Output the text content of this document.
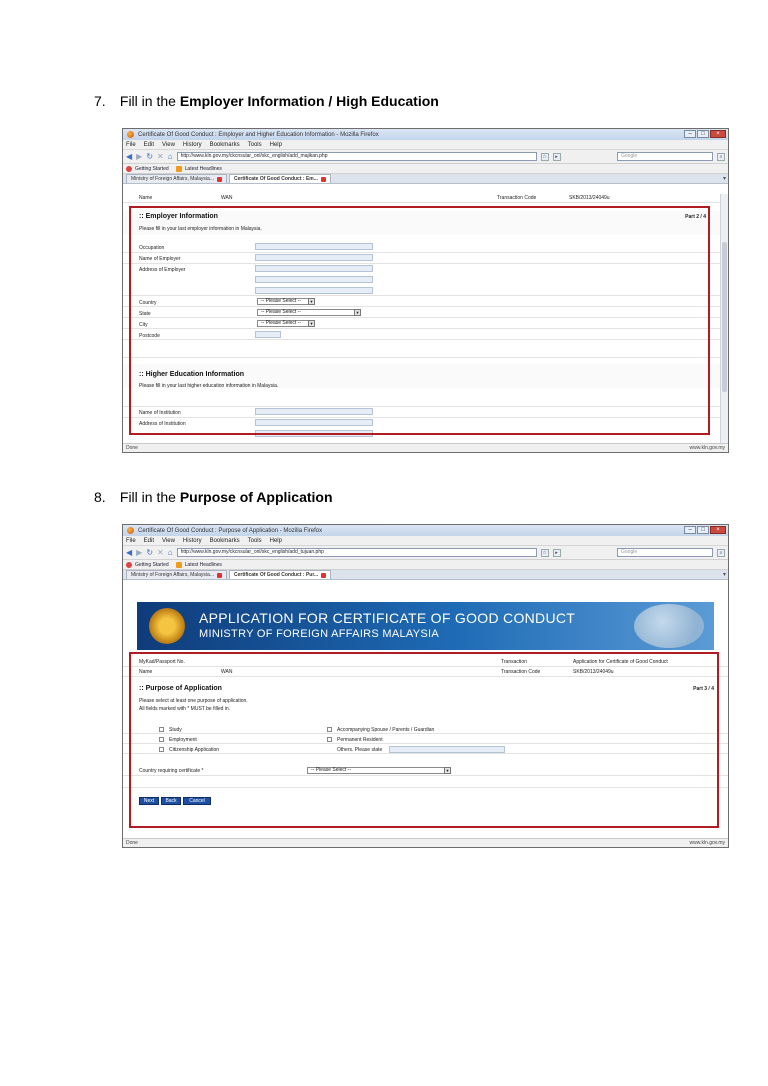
7. Fill in the Employer Information / High Education
Certificate Of Good Conduct : Employer and Higher Education Information - Mozilla Firefox	–	□	×
File Edit View History Bookmarks Tools Help
◀ ▶ ↻ ✕ ⌂	http://www.kln.gov.my/ckcnsular_onl/skc_english/add_majikan.php	☆	▸	Google	⌕
Getting Started	Latest Headlines
Ministry of Foreign Affairs, Malaysia...	Certificate Of Good Conduct : Em...	▾
Name	WAN	Transaction Code	SKB/2013/24049u
:: Employer Information	Part 2 / 4
Please fill in your last employer information in Malaysia.
Occupation
Name of Employer
Address of Employer
Country	-- Please Select --	▼
State	-- Please Select --	▼
City	-- Please Select --	▼
Postcode
:: Higher Education Information
Please fill in your last higher education information in Malaysia.
Name of Institution
Address of Institution
Done	www.kln.gov.my
8. Fill in the Purpose of Application
Certificate Of Good Conduct : Purpose of Application - Mozilla Firefox	–	□	×
File Edit View History Bookmarks Tools Help
◀ ▶ ↻ ✕ ⌂	http://www.kln.gov.my/ckcnsular_onl/skc_english/add_tujuan.php	☆	▸	Google	⌕
Getting Started	Latest Headlines
Ministry of Foreign Affairs, Malaysia...	Certificate Of Good Conduct : Pur...	▾
APPLICATION FOR CERTIFICATE OF GOOD CONDUCT
MINISTRY OF FOREIGN AFFAIRS MALAYSIA
MyKad/Passport No.	Transaction	Application for Certificate of Good Conduct
Name	WAN	Transaction Code	SKB/2013/24049u
:: Purpose of Application	Part 3 / 4
Please select at least one purpose of application.
All fields marked with * MUST be filled in.
Study	Accompanying Spouse / Parents / Guardian
Employment	Permanent Resident
Citizenship Application	Others. Please state
Country requiring certificate *	-- Please Select --	▼
Next	Back	Cancel
Done	www.kln.gov.my
